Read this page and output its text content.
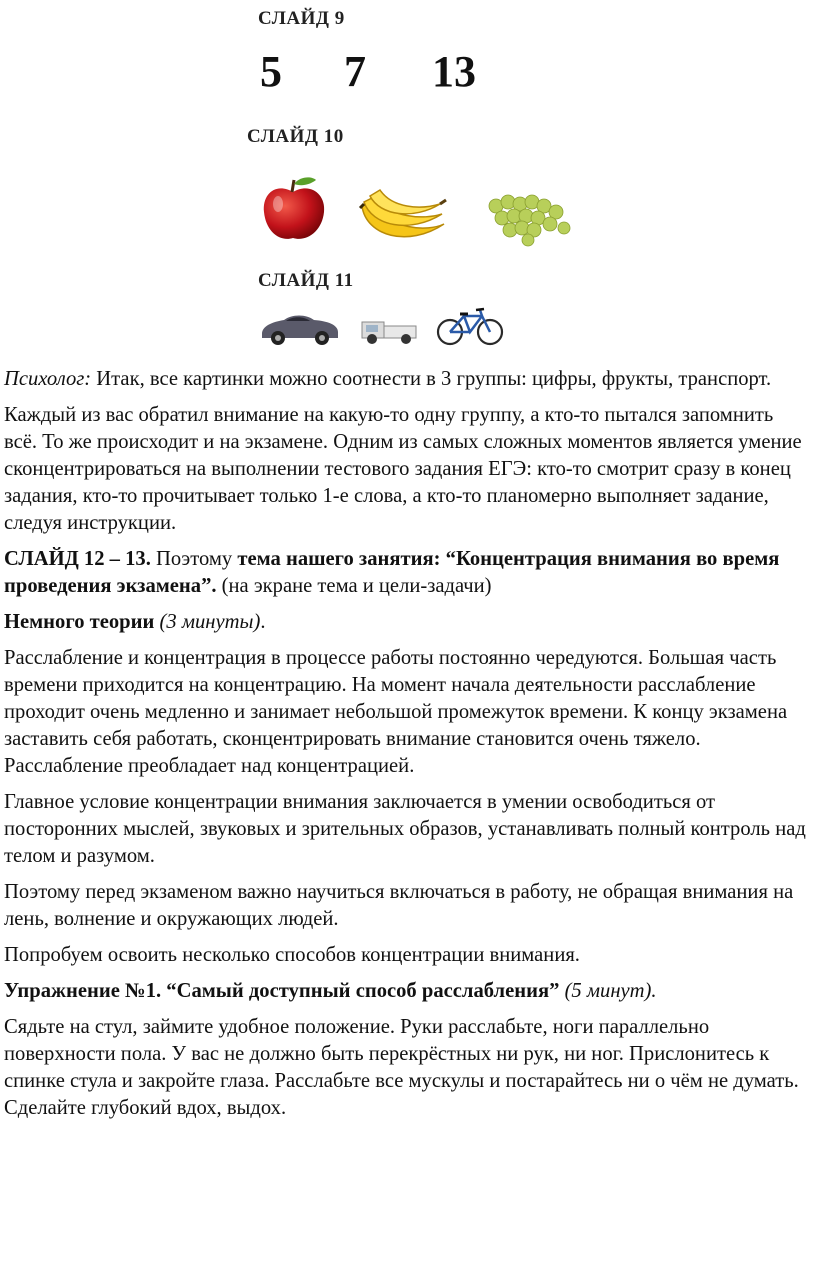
СЛАЙД 9
5 7 13
СЛАЙД 10
СЛАЙД 11

Психолог: Итак, все картинки можно соотнести в 3 группы: цифры, фрукты, транспорт.

Каждый из вас обратил внимание на какую-то одну группу, а кто-то пытался запомнить всё. То же происходит и на экзамене. Одним из самых сложных моментов является умение сконцентрироваться на выполнении тестового задания ЕГЭ: кто-то смотрит сразу в конец задания, кто-то прочитывает только 1-е слова, а кто-то планомерно выполняет задание, следуя инструкции.

СЛАЙД 12 – 13. Поэтому тема нашего занятия: “Концентрация внимания во время проведения экзамена”. (на экране тема и цели-задачи)

Немного теории (3 минуты).

Расслабление и концентрация в процессе работы постоянно чередуются. Большая часть времени приходится на концентрацию. На момент начала деятельности расслабление проходит очень медленно и занимает небольшой промежуток времени. К концу экзамена заставить себя работать, сконцентрировать внимание становится очень тяжело. Расслабление преобладает над концентрацией.

Главное условие концентрации внимания заключается в умении освободиться от посторонних мыслей, звуковых и зрительных образов, устанавливать полный контроль над телом и разумом.

Поэтому перед экзаменом важно научиться включаться в работу, не обращая внимания на лень, волнение и окружающих людей.

Попробуем освоить несколько способов концентрации внимания.

Упражнение №1. “Самый доступный способ расслабления” (5 минут).

Сядьте на стул, займите удобное положение. Руки расслабьте, ноги параллельно поверхности пола. У вас не должно быть перекрёстных ни рук, ни ног. Прислонитесь к спинке стула и закройте глаза. Расслабьте все мускулы и постарайтесь ни о чём не думать. Сделайте глубокий вдох, выдох.
